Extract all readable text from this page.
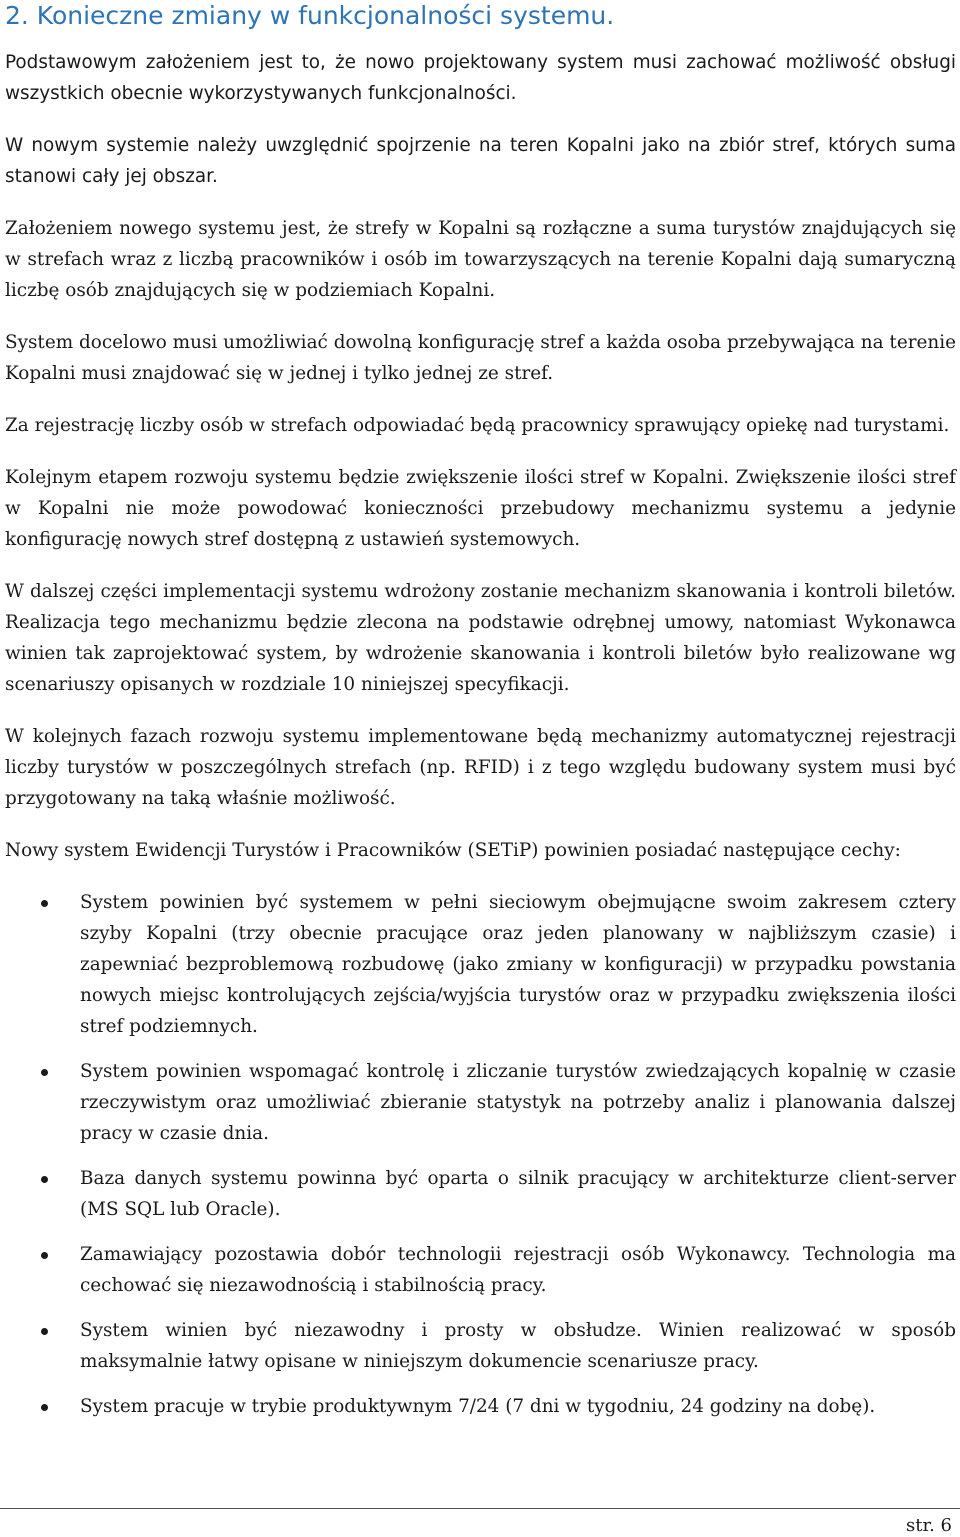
2. Konieczne zmiany w funkcjonalności systemu.

Podstawowym założeniem jest to, że nowo projektowany system musi zachować możliwość obsługi wszystkich obecnie wykorzystywanych funkcjonalności.

W nowym systemie należy uwzględnić spojrzenie na teren Kopalni jako na zbiór stref, których suma stanowi cały jej obszar.

Założeniem nowego systemu jest, że strefy w Kopalni są rozłączne a suma turystów znajdujących się w strefach wraz z liczbą pracowników i osób im towarzyszących na terenie Kopalni dają sumaryczną liczbę osób znajdujących się w podziemiach Kopalni.

System docelowo musi umożliwiać dowolną konfigurację stref a każda osoba przebywająca na terenie Kopalni musi znajdować się w jednej i tylko jednej ze stref.

Za rejestrację liczby osób w strefach odpowiadać będą pracownicy sprawujący opiekę nad turystami.

Kolejnym etapem rozwoju systemu będzie zwiększenie ilości stref w Kopalni. Zwiększenie ilości stref w Kopalni nie może powodować konieczności przebudowy mechanizmu systemu a jedynie konfigurację nowych stref dostępną z ustawień systemowych.

W dalszej części implementacji systemu wdrożony zostanie mechanizm skanowania i kontroli biletów. Realizacja tego mechanizmu będzie zlecona na podstawie odrębnej umowy, natomiast Wykonawca winien tak zaprojektować system, by wdrożenie skanowania i kontroli biletów było realizowane wg scenariuszy opisanych w rozdziale 10 niniejszej specyfikacji.

W kolejnych fazach rozwoju systemu implementowane będą mechanizmy automatycznej rejestracji liczby turystów w poszczególnych strefach (np. RFID) i z tego względu budowany system musi być przygotowany na taką właśnie możliwość.

Nowy system Ewidencji Turystów i Pracowników (SETiP) powinien posiadać następujące cechy:

System powinien być systemem w pełni sieciowym obejmującne swoim zakresem cztery szyby Kopalni (trzy obecnie pracujące oraz jeden planowany w najbliższym czasie) i zapewniać bezproblemową rozbudowę (jako zmiany w konfiguracji) w przypadku powstania nowych miejsc kontrolujących zejścia/wyjścia turystów oraz w przypadku zwiększenia ilości stref podziemnych.
System powinien wspomagać kontrolę i zliczanie turystów zwiedzających kopalnię w czasie rzeczywistym oraz umożliwiać zbieranie statystyk na potrzeby analiz i planowania dalszej pracy w czasie dnia.
Baza danych systemu powinna być oparta o silnik pracujący w architekturze client-server (MS SQL lub Oracle).
Zamawiający pozostawia dobór technologii rejestracji osób Wykonawcy. Technologia ma cechować się niezawodnością i stabilnością pracy.
System winien być niezawodny i prosty w obsłudze. Winien realizować w sposób maksymalnie łatwy opisane w niniejszym dokumencie scenariusze pracy.
System pracuje w trybie produktywnym 7/24 (7 dni w tygodniu, 24 godziny na dobę).
str. 6
